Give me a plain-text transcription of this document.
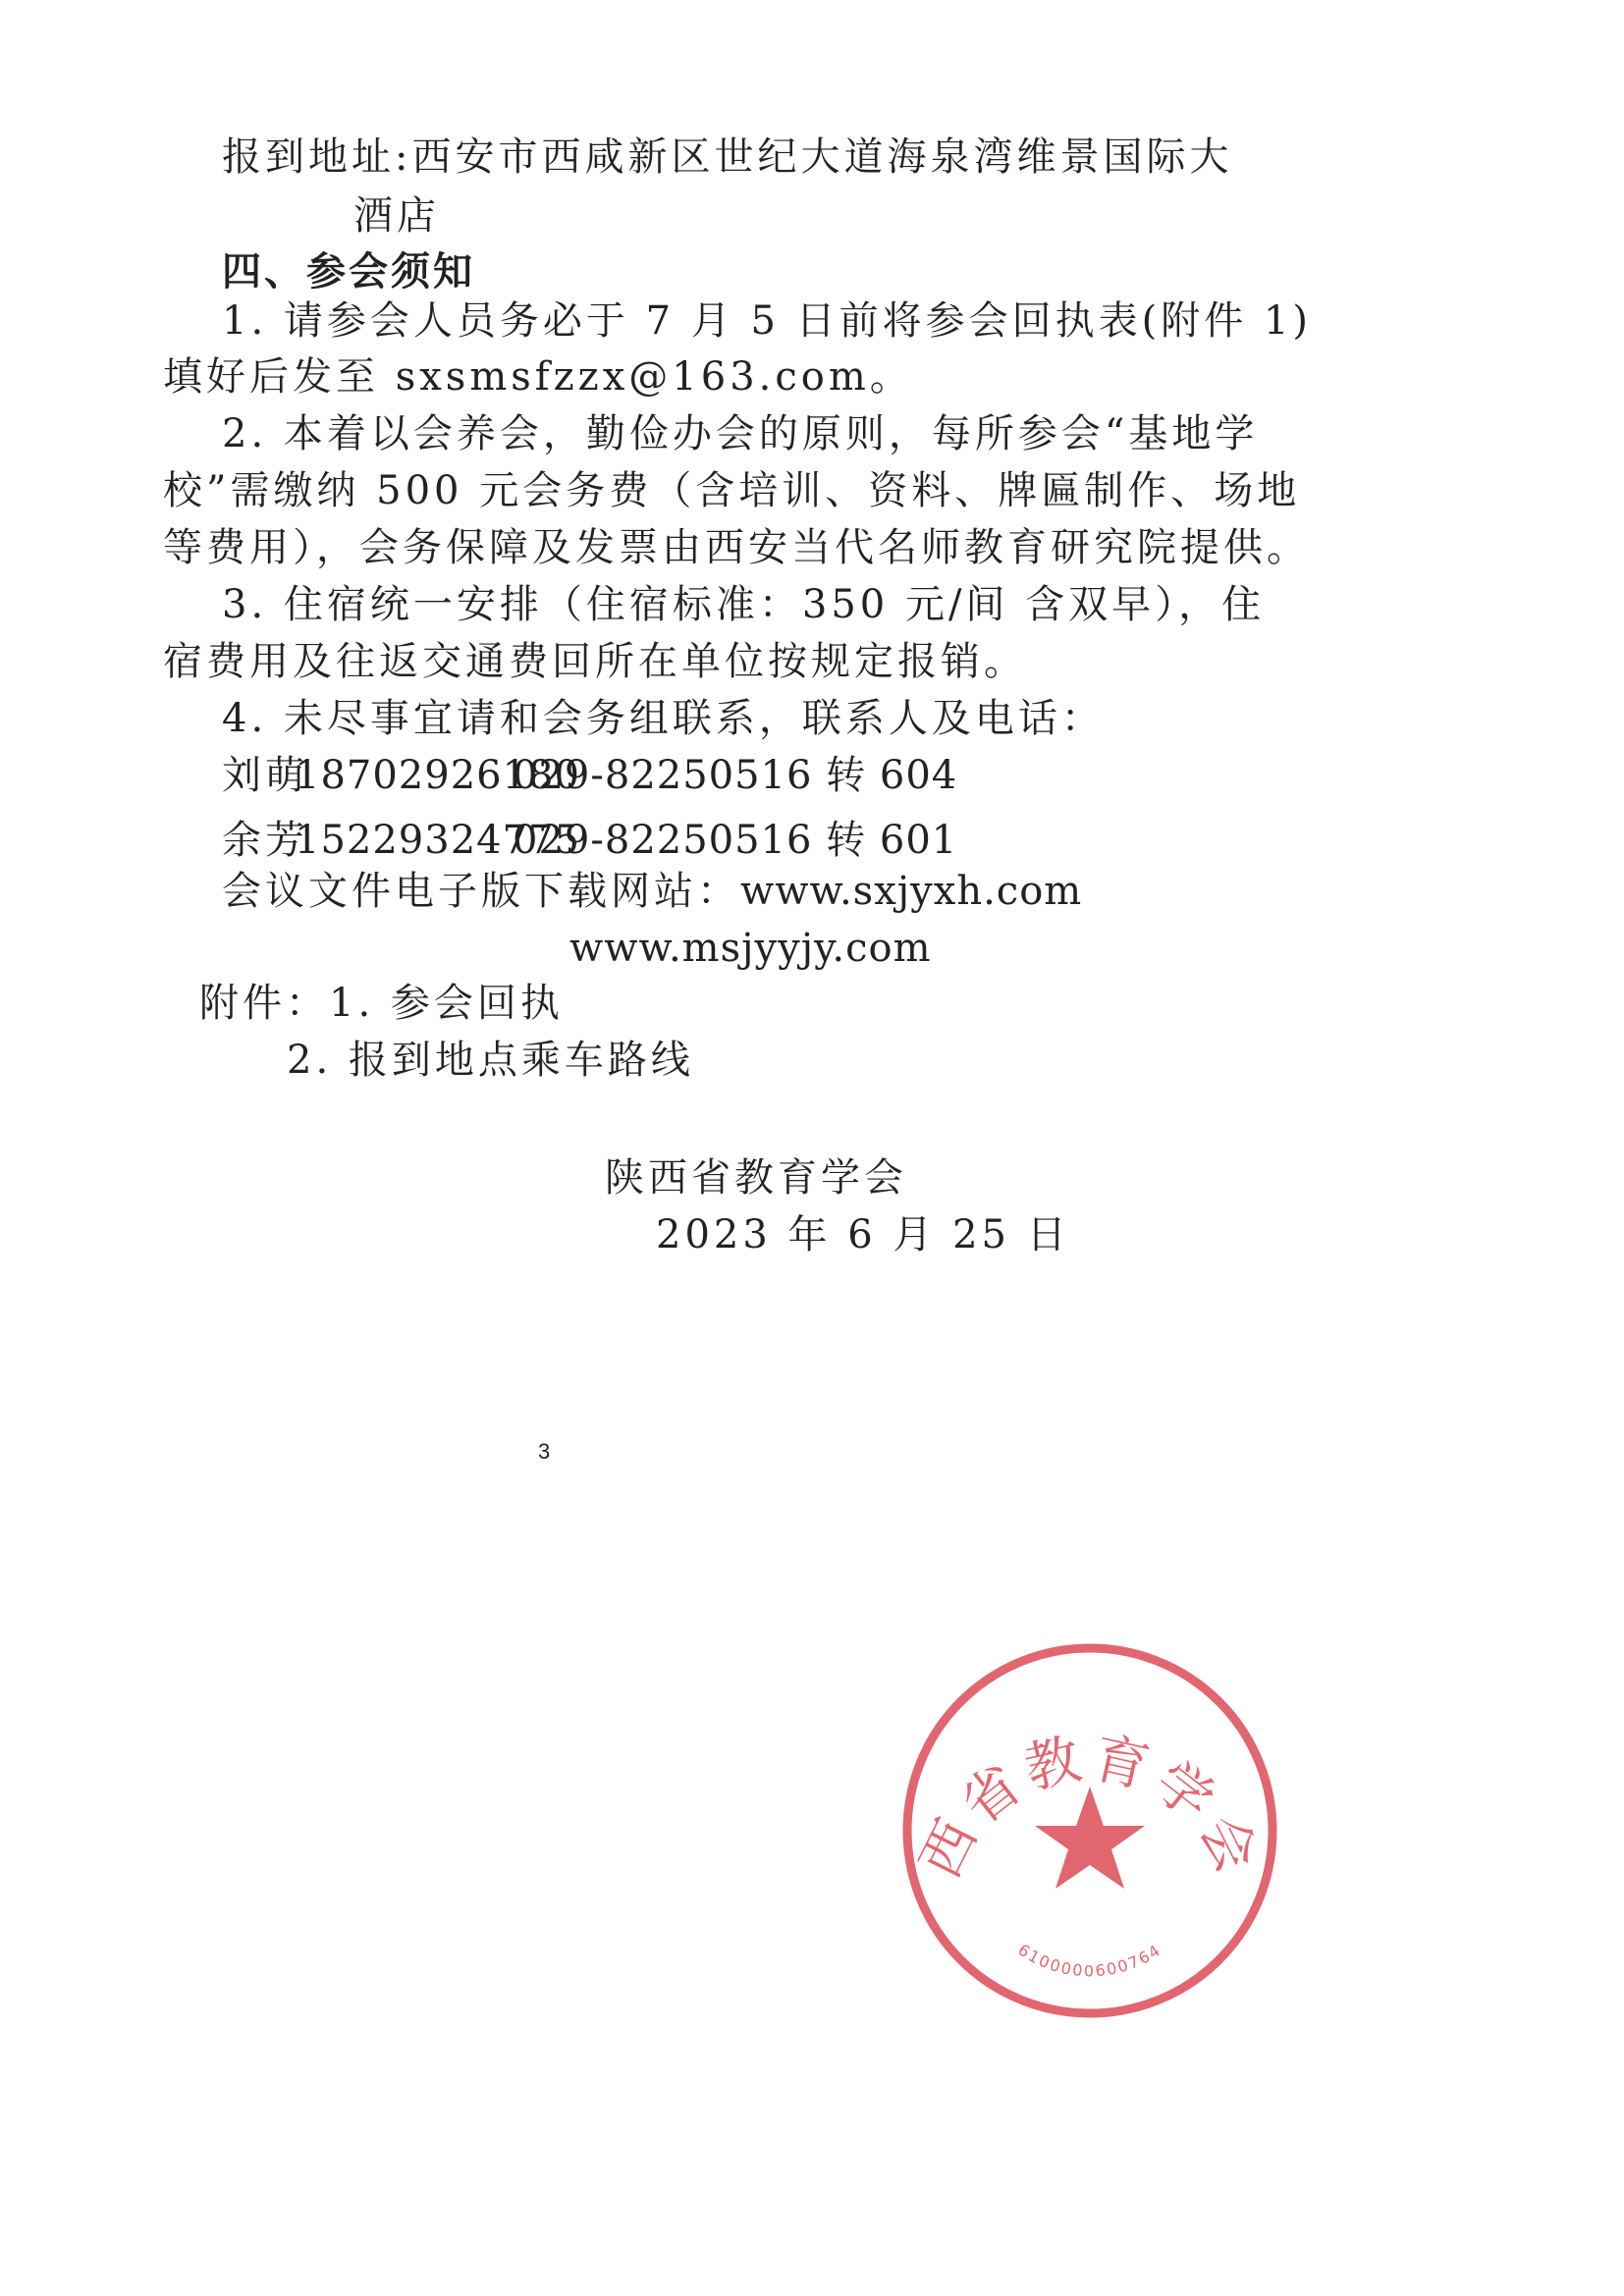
报到地址:西安市西咸新区世纪大道海泉湾维景国际大
酒店
四、参会须知
1. 请参会人员务必于 7 月 5 日前将参会回执表(附件 1)
填好后发至 sxsmsfzzx@163.com。
2. 本着以会养会，勤俭办会的原则，每所参会“基地学
校”需缴纳 500 元会务费（含培训、资料、牌匾制作、场地
等费用），会务保障及发票由西安当代名师教育研究院提供。
3. 住宿统一安排（住宿标准：350 元/间 含双早），住
宿费用及往返交通费回所在单位按规定报销。
4. 未尽事宜请和会务组联系，联系人及电话：
刘萌
18702926180
029-82250516 转 604
余芳
15229324775
029-82250516 转 601
会议文件电子版下载网站：www.sxjyxh.com
www.msjyyjy.com
附件：1. 参会回执
2. 报到地点乘车路线
西省教育学会
6100000600764
陕西省教育学会
2023 年 6 月 25 日
3
